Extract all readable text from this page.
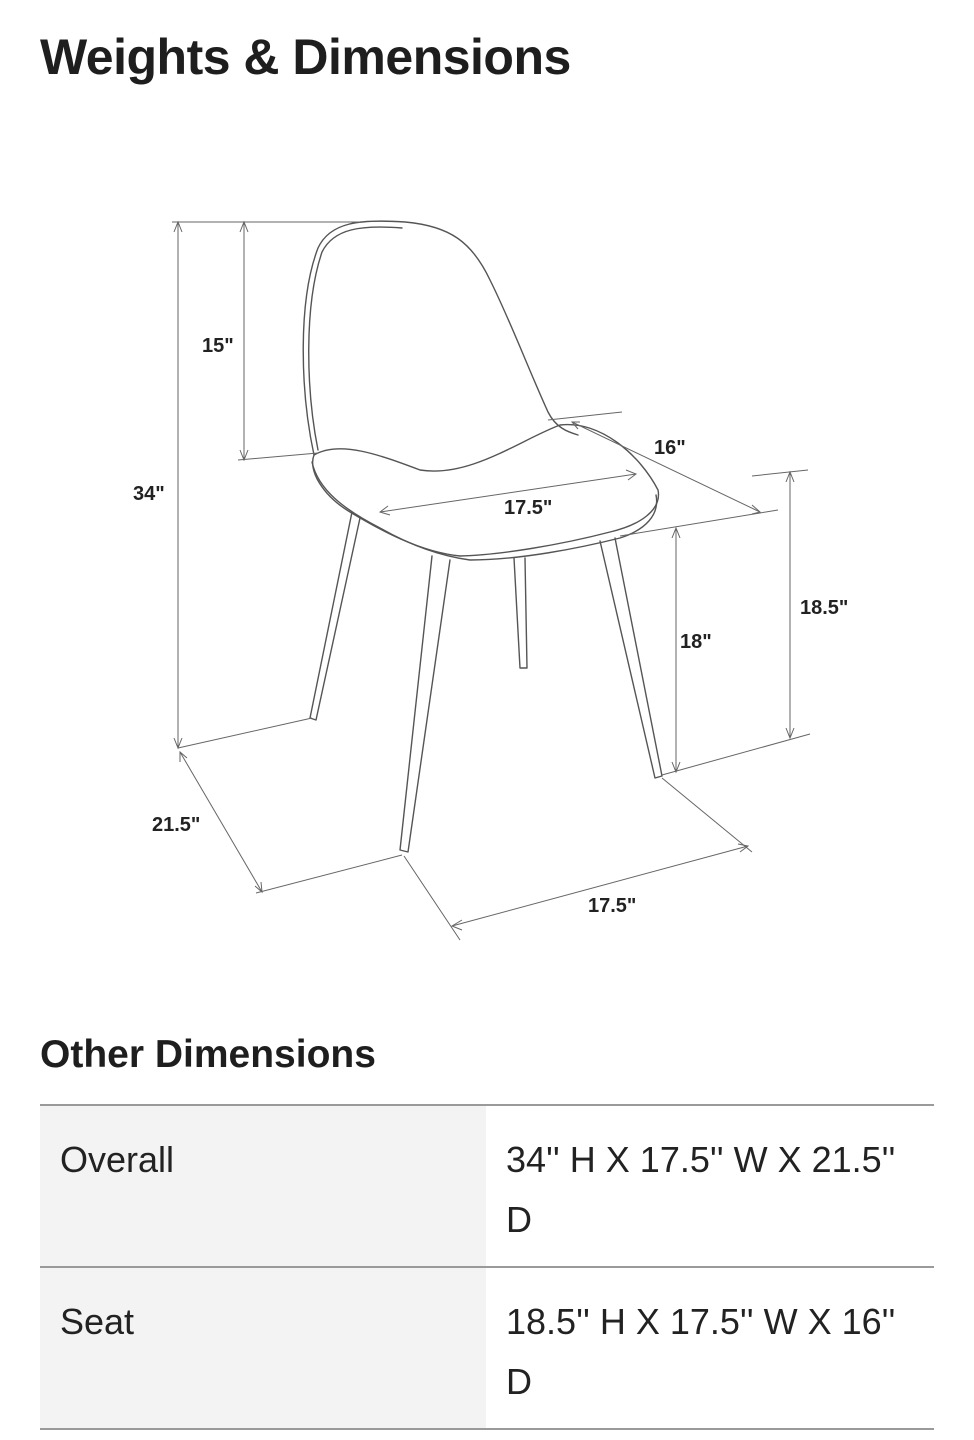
Weights & Dimensions
15"
34"
16"
17.5"
18.5"
18"
21.5"
17.5"
Other Dimensions
Overall	34'' H X 17.5'' W X 21.5'' D
Seat	18.5'' H X 17.5'' W X 16'' D
